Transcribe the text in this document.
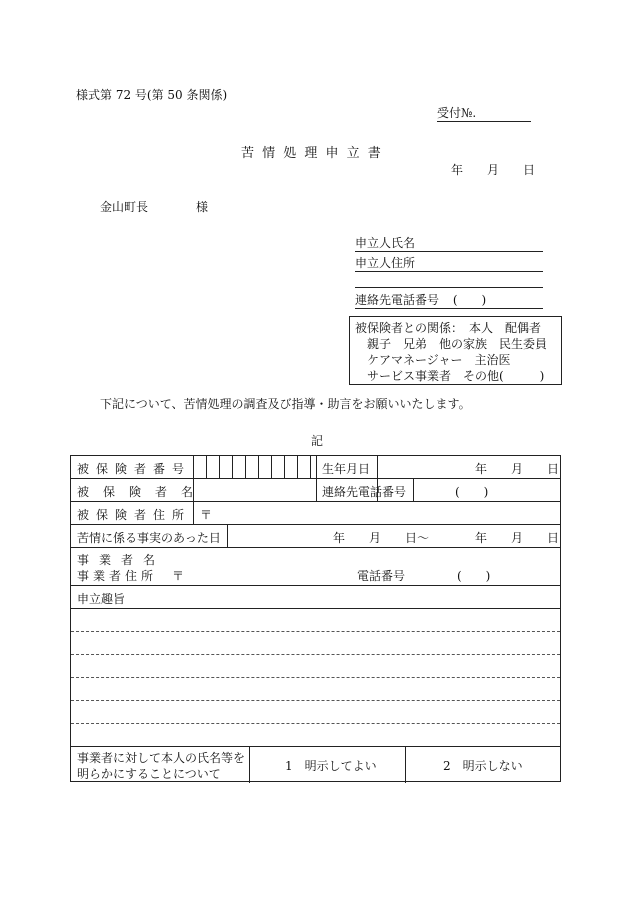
様式第 72 号(第 50 条関係)
受付№.
苦 情 処 理 申 立 書
年　　月　　日
金山町長	様
申立人氏名
申立人住所
連絡先電話番号 (　　)
被保険者との関係：　本人　配偶者
親子　兄弟　他の家族　民生委員
ケアマネージャー　主治医
サービス事業者　その他(　　　)
下記について、苦情処理の調査及び指導・助言をお願いいたします。
記
被保険者番号	生年月日	年　　月　　日
被保険者名	連絡先電話番号	(　　)
被保険者住所 〒
苦情に係る事実のあった日	年　　月　　日〜	年　　月　　日
事業者名
事業者住所 〒	電話番号	(　　)
申立趣旨
事業者に対して本人の氏名等を
明らかにすることについて
1　明示してよい	2　明示しない
